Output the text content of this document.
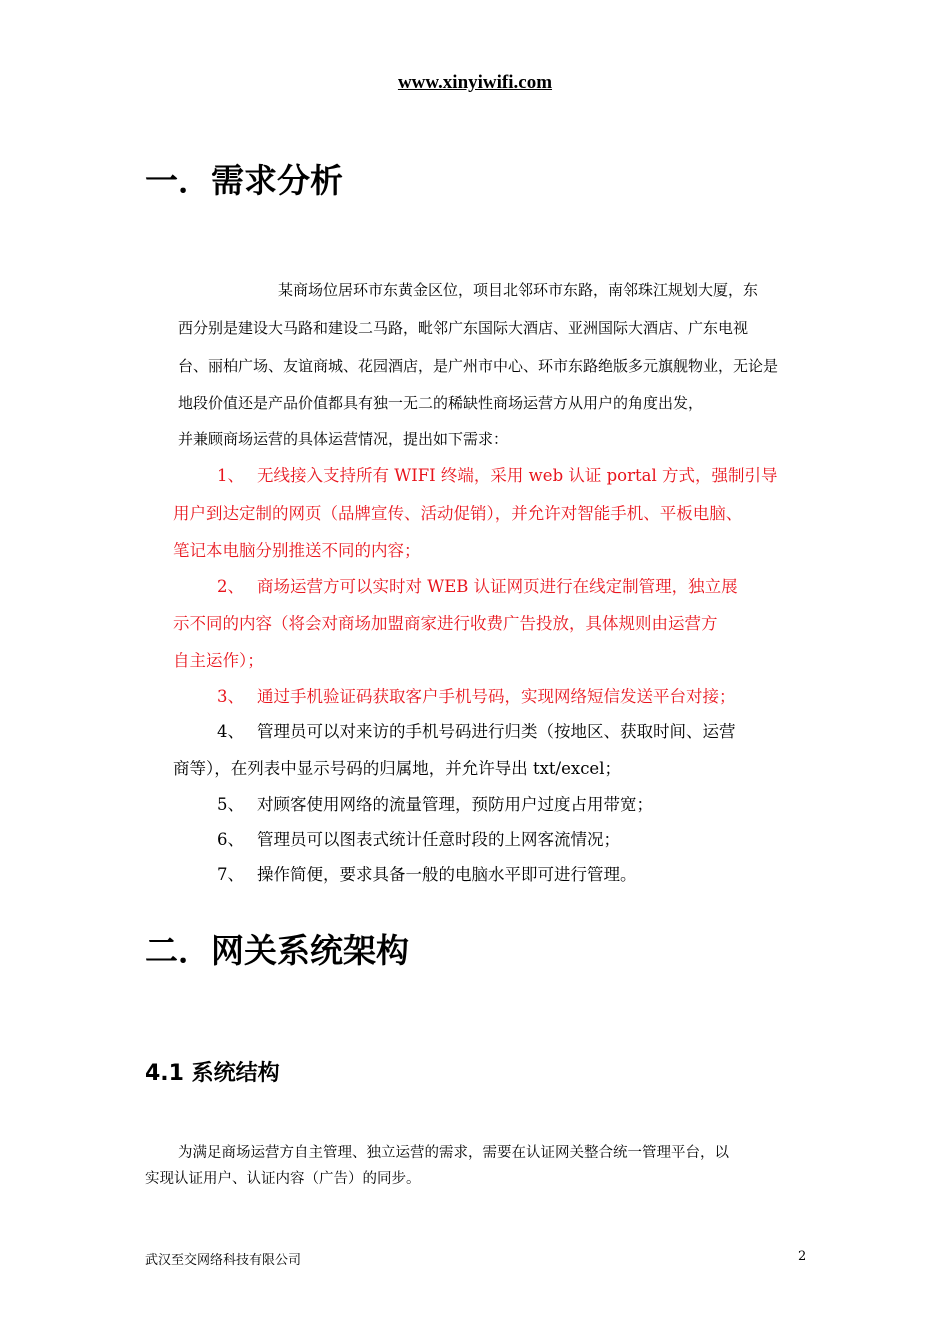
www.xinyiwifi.com
一．需求分析
某商场位居环市东黄金区位，项目北邻环市东路，南邻珠江规划大厦，东
西分别是建设大马路和建设二马路，毗邻广东国际大酒店、亚洲国际大酒店、广东电视
台、丽柏广场、友谊商城、花园酒店，是广州市中心、环市东路绝版多元旗舰物业，无论是
地段价值还是产品价值都具有独一无二的稀缺性商场运营方从用户的角度出发，
并兼顾商场运营的具体运营情况，提出如下需求：
1、 无线接入支持所有 WIFI 终端，采用 web 认证 portal 方式，强制引导
用户到达定制的网页（品牌宣传、活动促销），并允许对智能手机、平板电脑、
笔记本电脑分别推送不同的内容；
2、 商场运营方可以实时对 WEB 认证网页进行在线定制管理，独立展
示不同的内容（将会对商场加盟商家进行收费广告投放，具体规则由运营方
自主运作）；
3、 通过手机验证码获取客户手机号码，实现网络短信发送平台对接；
4、 管理员可以对来访的手机号码进行归类（按地区、获取时间、运营
商等），在列表中显示号码的归属地，并允许导出 txt/excel；
5、 对顾客使用网络的流量管理，预防用户过度占用带宽；
6、 管理员可以图表式统计任意时段的上网客流情况；
7、 操作简便，要求具备一般的电脑水平即可进行管理。
二．网关系统架构
4.1 系统结构
为满足商场运营方自主管理、独立运营的需求，需要在认证网关整合统一管理平台，以
实现认证用户、认证内容（广告）的同步。
武汉至交网络科技有限公司	2
